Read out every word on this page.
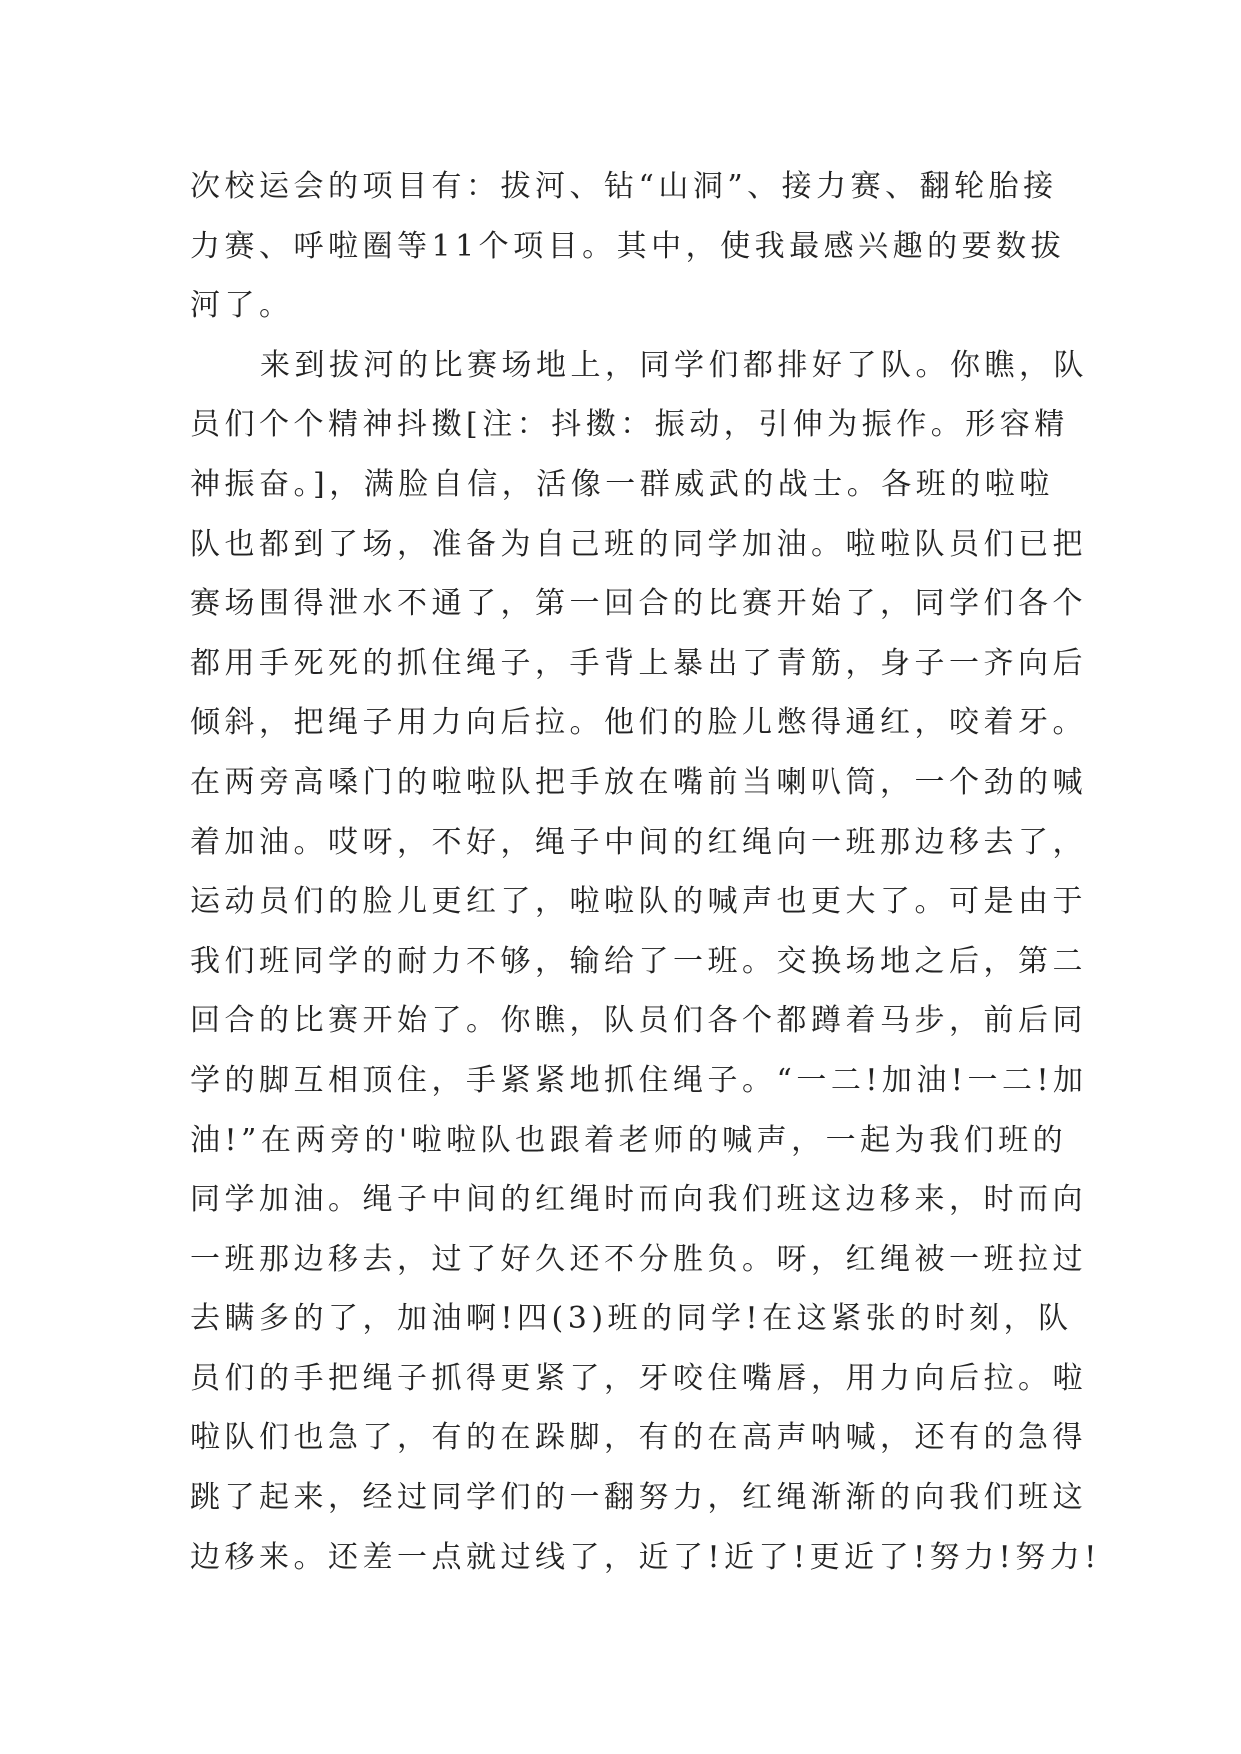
次校运会的项目有：拔河、钻“山洞”、接力赛、翻轮胎接
力赛、呼啦圈等11个项目。其中，使我最感兴趣的要数拔
河了。
来到拔河的比赛场地上，同学们都排好了队。你瞧，队
员们个个精神抖擞[注：抖擞：振动，引伸为振作。形容精
神振奋。]，满脸自信，活像一群威武的战士。各班的啦啦
队也都到了场，准备为自己班的同学加油。啦啦队员们已把
赛场围得泄水不通了，第一回合的比赛开始了，同学们各个
都用手死死的抓住绳子，手背上暴出了青筋，身子一齐向后
倾斜，把绳子用力向后拉。他们的脸儿憋得通红，咬着牙。
在两旁高嗓门的啦啦队把手放在嘴前当喇叭筒，一个劲的喊
着加油。哎呀，不好，绳子中间的红绳向一班那边移去了，
运动员们的脸儿更红了，啦啦队的喊声也更大了。可是由于
我们班同学的耐力不够，输给了一班。交换场地之后，第二
回合的比赛开始了。你瞧，队员们各个都蹲着马步，前后同
学的脚互相顶住，手紧紧地抓住绳子。“一二!加油!一二!加
油!”在两旁的'啦啦队也跟着老师的喊声，一起为我们班的
同学加油。绳子中间的红绳时而向我们班这边移来，时而向
一班那边移去，过了好久还不分胜负。呀，红绳被一班拉过
去瞒多的了，加油啊!四(3)班的同学!在这紧张的时刻，队
员们的手把绳子抓得更紧了，牙咬住嘴唇，用力向后拉。啦
啦队们也急了，有的在跺脚，有的在高声呐喊，还有的急得
跳了起来，经过同学们的一翻努力，红绳渐渐的向我们班这
边移来。还差一点就过线了，近了!近了!更近了!努力!努力!
